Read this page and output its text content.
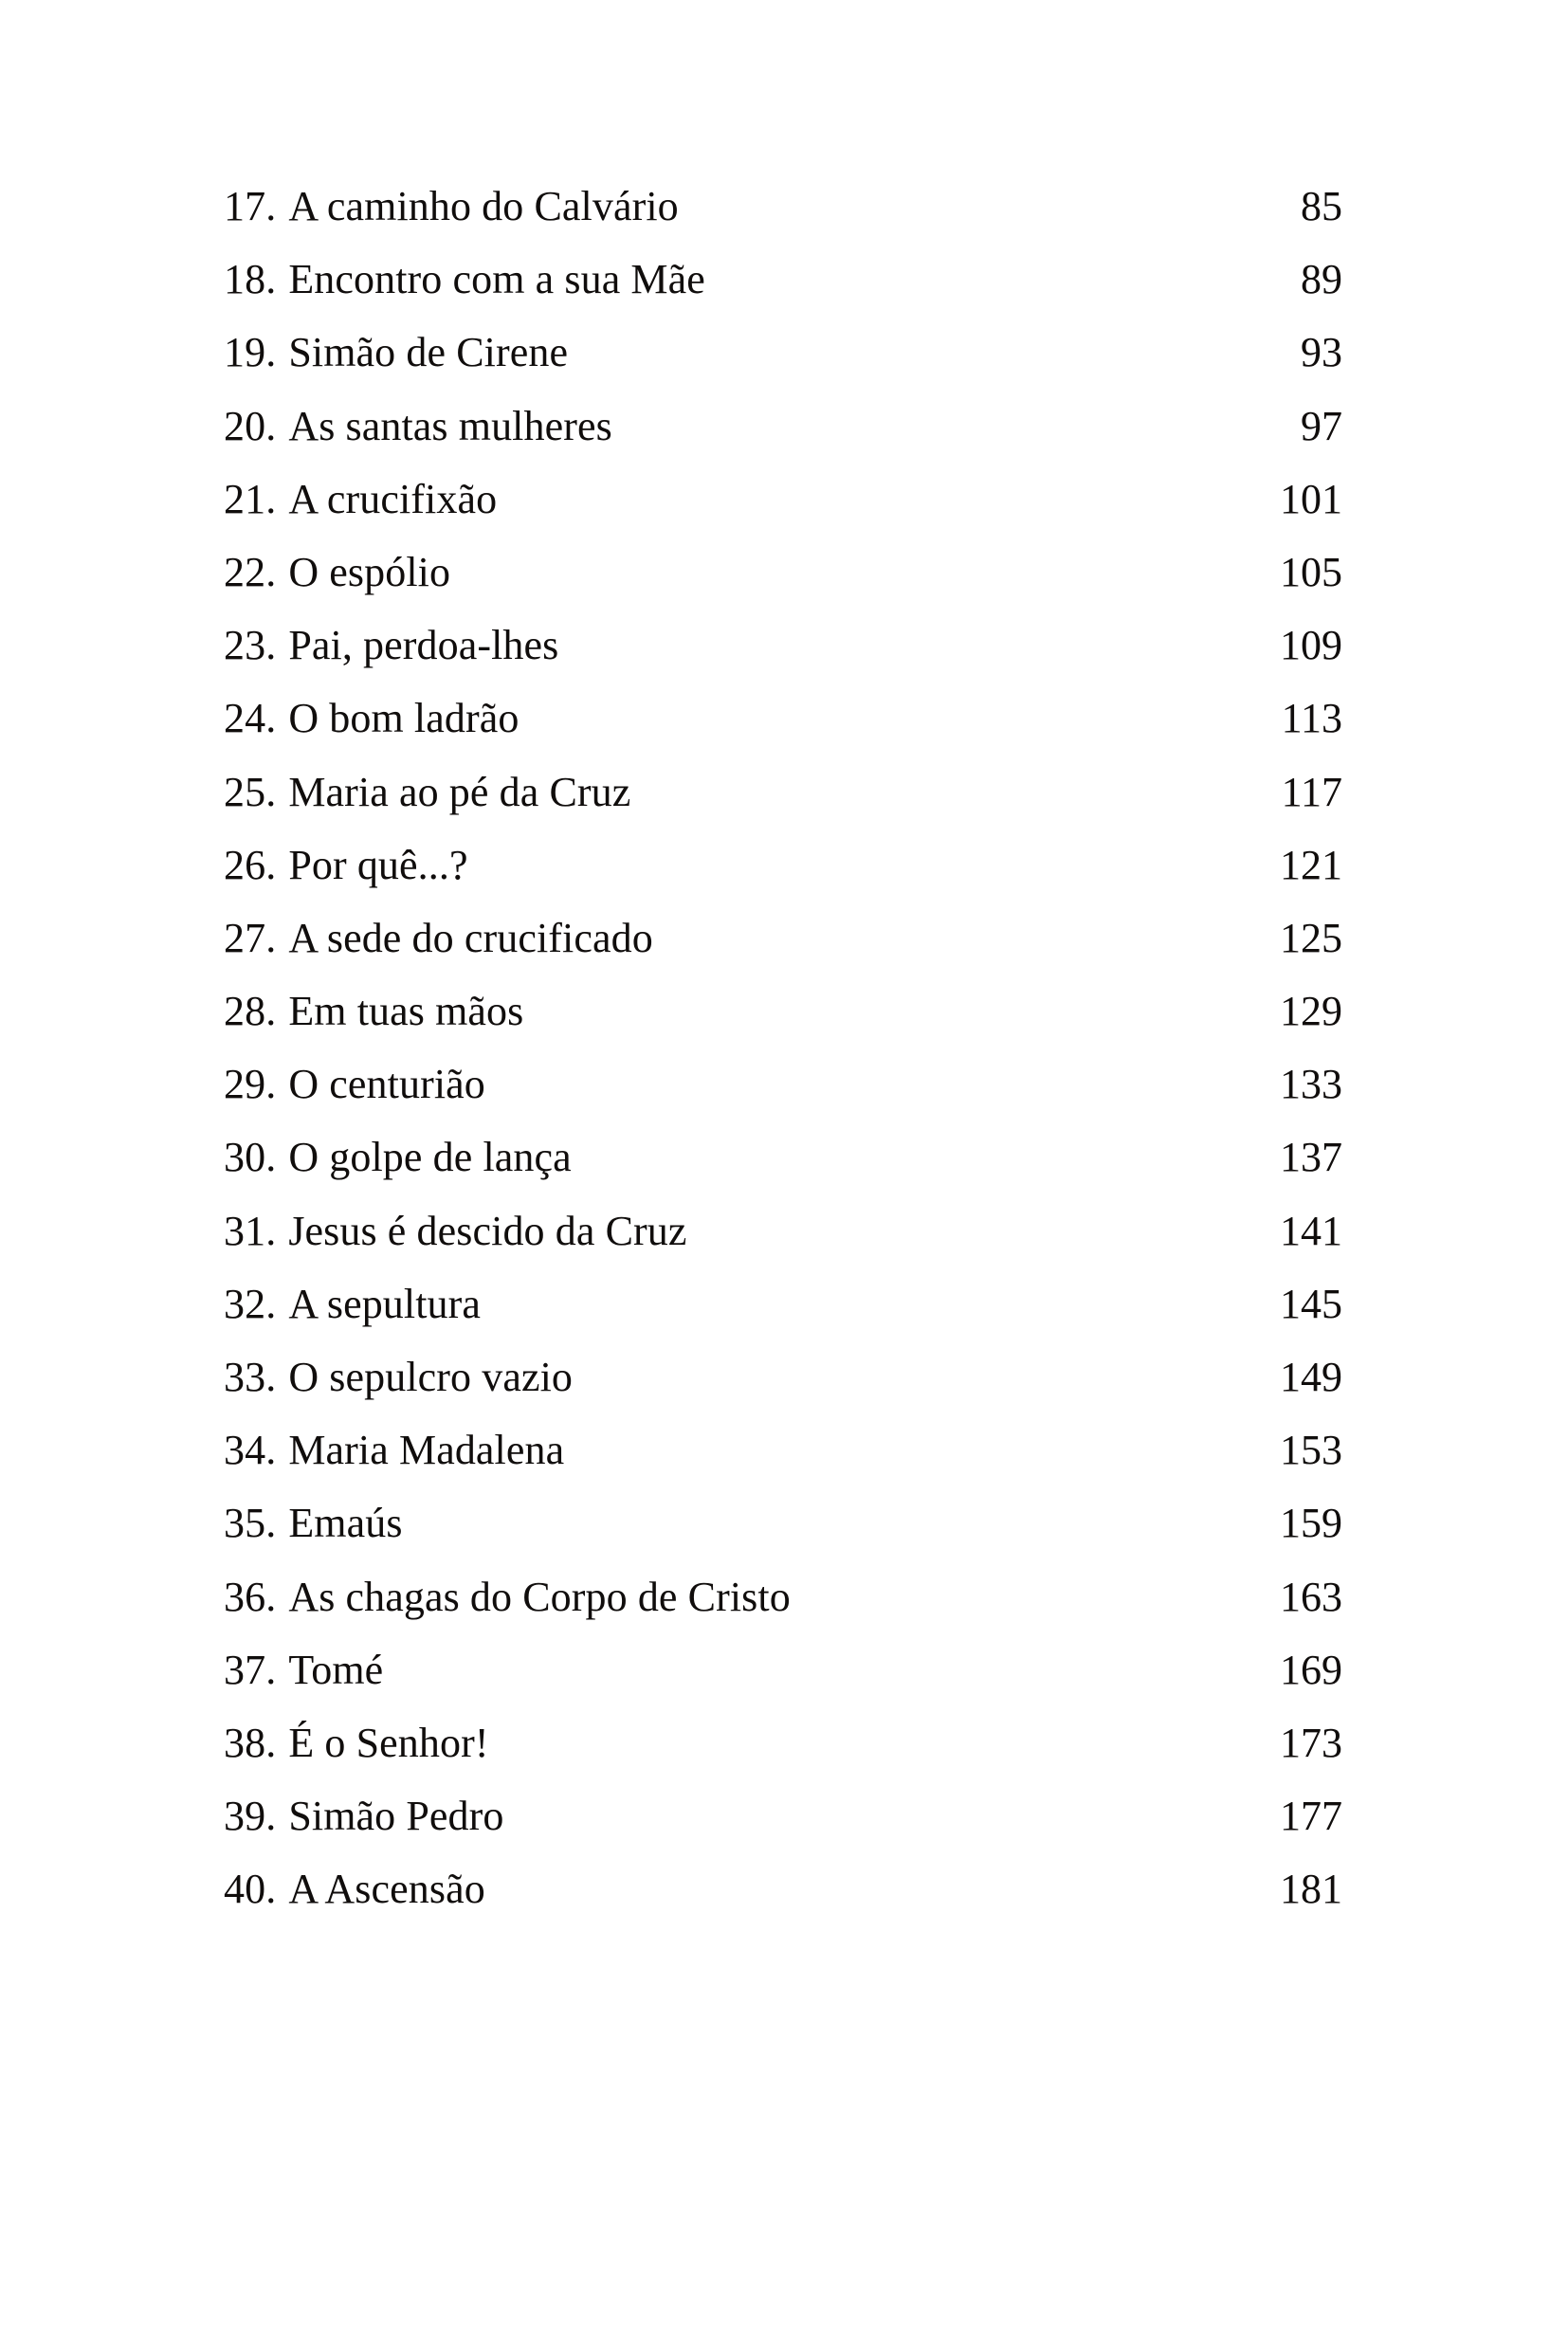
17. A caminho do Calvário	85
18. Encontro com a sua Mãe	89
19. Simão de Cirene	93
20. As santas mulheres	97
21. A crucifixão	101
22. O espólio	105
23. Pai, perdoa-lhes	109
24. O bom ladrão	113
25. Maria ao pé da Cruz	117
26. Por quê...?	121
27. A sede do crucificado	125
28. Em tuas mãos	129
29. O centurião	133
30. O golpe de lança	137
31. Jesus é descido da Cruz	141
32. A sepultura	145
33. O sepulcro vazio	149
34. Maria Madalena	153
35. Emaús	159
36. As chagas do Corpo de Cristo	163
37. Tomé	169
38. É o Senhor!	173
39. Simão Pedro	177
40. A Ascensão	181
